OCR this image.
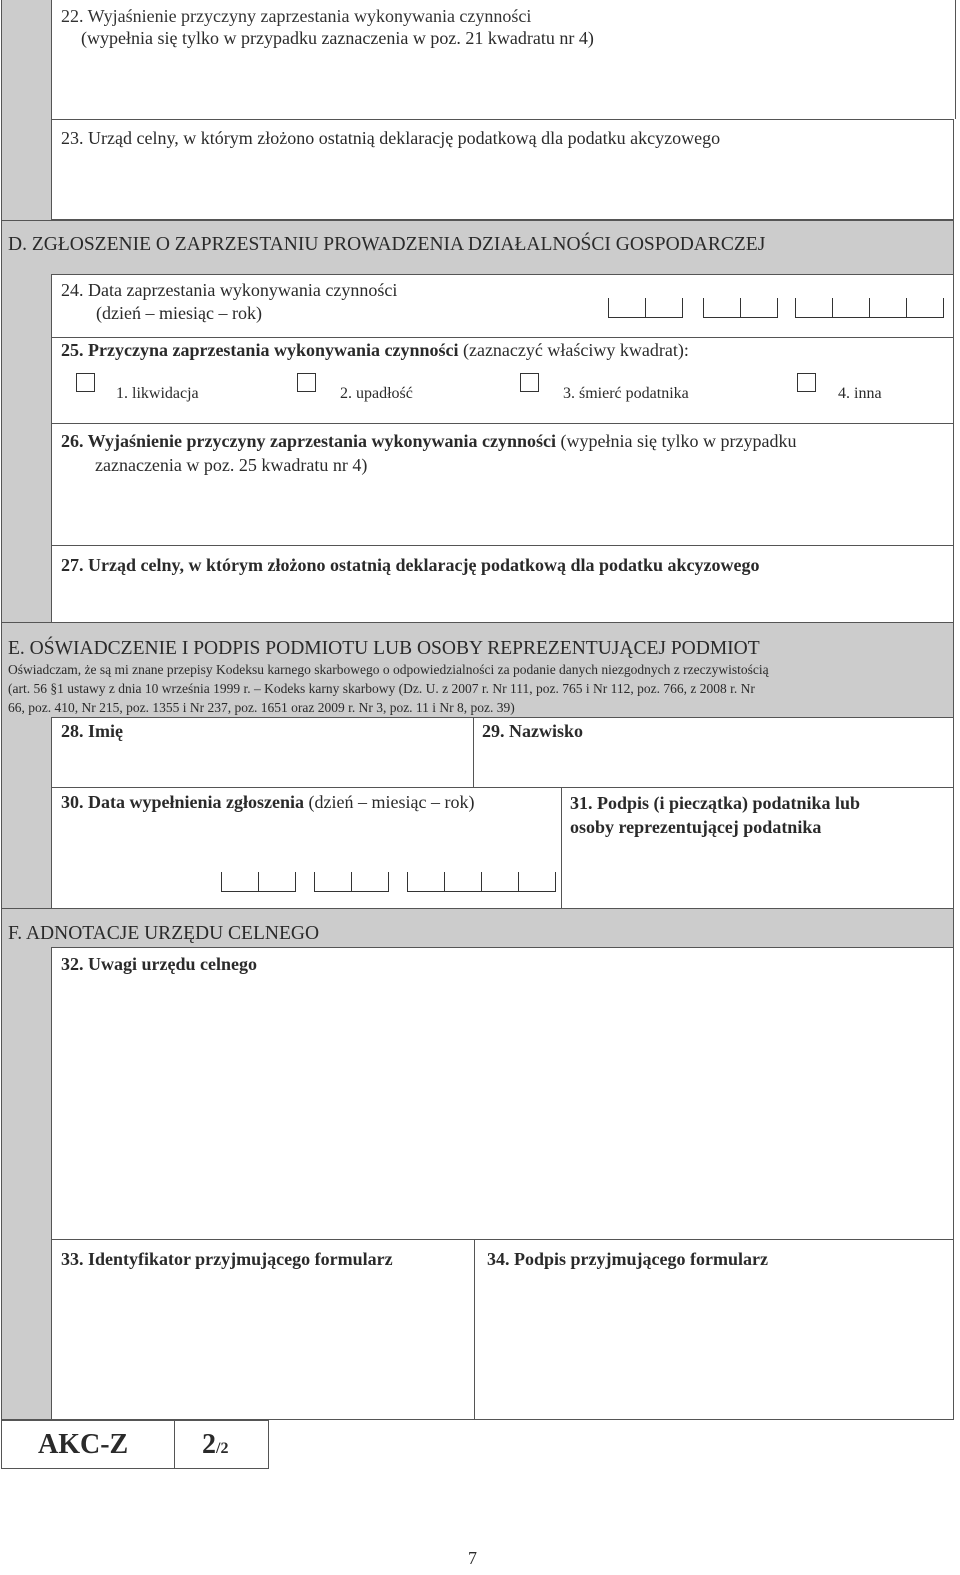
22. Wyjaśnienie przyczyny zaprzestania wykonywania czynności
(wypełnia się tylko w przypadku zaznaczenia w poz. 21 kwadratu nr 4)
23. Urząd celny, w którym złożono ostatnią deklarację podatkową dla podatku akcyzowego
D. ZGŁOSZENIE O ZAPRZESTANIU PROWADZENIA DZIAŁALNOŚCI GOSPODARCZEJ
24. Data zaprzestania wykonywania czynności
(dzień – miesiąc – rok)
25. Przyczyna zaprzestania wykonywania czynności (zaznaczyć właściwy kwadrat):
1. likwidacja	2. upadłość	3. śmierć podatnika	4. inna
26. Wyjaśnienie przyczyny zaprzestania wykonywania czynności (wypełnia się tylko w przypadku
zaznaczenia w poz. 25 kwadratu nr 4)
27. Urząd celny, w którym złożono ostatnią deklarację podatkową dla podatku akcyzowego
E. OŚWIADCZENIE I PODPIS PODMIOTU LUB OSOBY REPREZENTUJĄCEJ PODMIOT
Oświadczam, że są mi znane przepisy Kodeksu karnego skarbowego o odpowiedzialności za podanie danych niezgodnych z rzeczywistością
(art. 56 §1 ustawy z dnia 10 września 1999 r. – Kodeks karny skarbowy (Dz. U. z 2007 r. Nr 111, poz. 765 i Nr 112, poz. 766, z 2008 r. Nr
66, poz. 410, Nr 215, poz. 1355 i Nr 237, poz. 1651 oraz 2009 r. Nr 3, poz. 11 i Nr 8, poz. 39)
28. Imię	29. Nazwisko
30. Data wypełnienia zgłoszenia (dzień – miesiąc – rok)	31. Podpis (i pieczątka) podatnika lub
osoby reprezentującej podatnika
F. ADNOTACJE URZĘDU CELNEGO
32. Uwagi urzędu celnego
33. Identyfikator przyjmującego formularz	34. Podpis przyjmującego formularz
AKC-Z	2/2
7
